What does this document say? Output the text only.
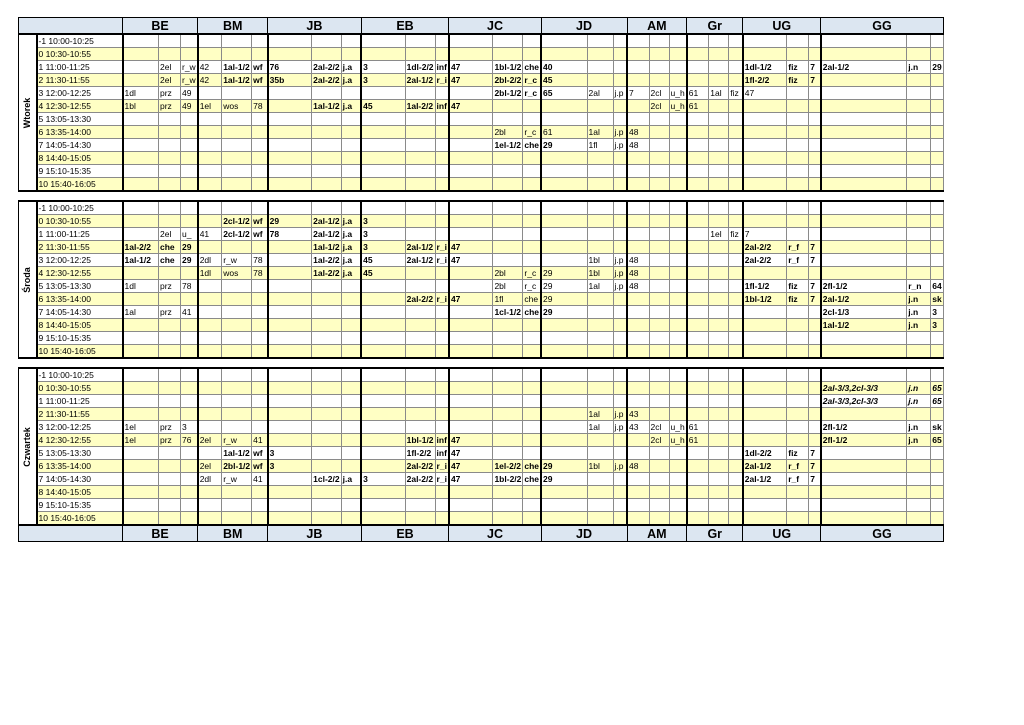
		BE			BM			JB			EB			JC			JD			AM			Gr			UG			GG		

Wtorek	-1 10:00-10:25																														
	0 10:30-10:55																														
	1 11:00-11:25		2el	r_w	42	1al-1/2	wf	76	2al-2/2	j.a	3	1dl-2/2	inf	47	1bl-1/2	che	40									1dl-1/2	fiz	7	2al-1/2	j.n	29
	2 11:30-11:55		2el	r_w	42	1al-1/2	wf	35b	2al-2/2	j.a	3	2al-1/2	r_i	47	2bl-2/2	r_c	45									1fl-2/2	fiz	7			
	3 12:00-12:25	1dl	prz	49											2bl-1/2	r_c	65	2al	j.p	7	2cl	u_h	61	1al	fiz	47					
	4 12:30-12:55	1bl	prz	49	1el	wos	78		1al-1/2	j.a	45	1al-2/2	inf	47							2cl	u_h	61								
	5 13:05-13:30																														
	6 13:35-14:00														2bl	r_c	61	1al	j.p	48											
	7 14:05-14:30														1el-1/2	che	29	1fl	j.p	48											
	8 14:40-15:05																														
	9 15:10-15:35																														
	10 15:40-16:05																														

Środa	-1 10:00-10:25																														
	0 10:30-10:55					2cl-1/2	wf	29	2al-1/2	j.a	3																				
	1 11:00-11:25		2el	u_	41	2cl-1/2	wf	78	2al-1/2	j.a	3													1el	fiz	7					
	2 11:30-11:55	1al-2/2	che	29					1al-1/2	j.a	3	2al-1/2	r_i	47												2al-2/2	r_f	7			
	3 12:00-12:25	1al-1/2	che	29	2dl	r_w	78		1al-2/2	j.a	45	2al-1/2	r_i	47				1bl	j.p	48						2al-2/2	r_f	7			
	4 12:30-12:55				1dl	wos	78		1al-2/2	j.a	45				2bl	r_c	29	1bl	j.p	48											
	5 13:05-13:30	1dl	prz	78											2bl	r_c	29	1al	j.p	48						1fl-1/2	fiz	7	2fl-1/2	r_n	64
	6 13:35-14:00											2al-2/2	r_i	47	1fl	che	29									1bl-1/2	fiz	7	2al-1/2	j.n	sk
	7 14:05-14:30	1al	prz	41											1cl-1/2	che	29												2cl-1/3	j.n	3
	8 14:40-15:05																												1al-1/2	j.n	3
	9 15:10-15:35																														
	10 15:40-16:05																														

Czwartek	-1 10:00-10:25																														
	0 10:30-10:55																												2al-3/3,2cl-3/3	j.n	65
	1 11:00-11:25																												2al-3/3,2cl-3/3	j.n	65
	2 11:30-11:55																	1al	j.p	43											
	3 12:00-12:25	1el	prz	3														1al	j.p	43	2cl	u_h	61						2fl-1/2	j.n	sk
	4 12:30-12:55	1el	prz	76	2el	r_w	41					1bl-1/2	inf	47							2cl	u_h	61						2fl-1/2	j.n	65
	5 13:05-13:30					1al-1/2	wf	3				1fl-2/2	inf	47												1dl-2/2	fiz	7			
	6 13:35-14:00				2el	2bl-1/2	wf	3				2al-2/2	r_i	47	1el-2/2	che	29	1bl	j.p	48						2al-1/2	r_f	7			
	7 14:05-14:30				2dl	r_w	41		1cl-2/2	j.a	3	2al-2/2	r_i	47	1bl-2/2	che	29									2al-1/2	r_f	7			
	8 14:40-15:05																														
	9 15:10-15:35																														
	10 15:40-16:05																														
		BE			BM			JB			EB			JC			JD			AM			Gr			UG			GG		
